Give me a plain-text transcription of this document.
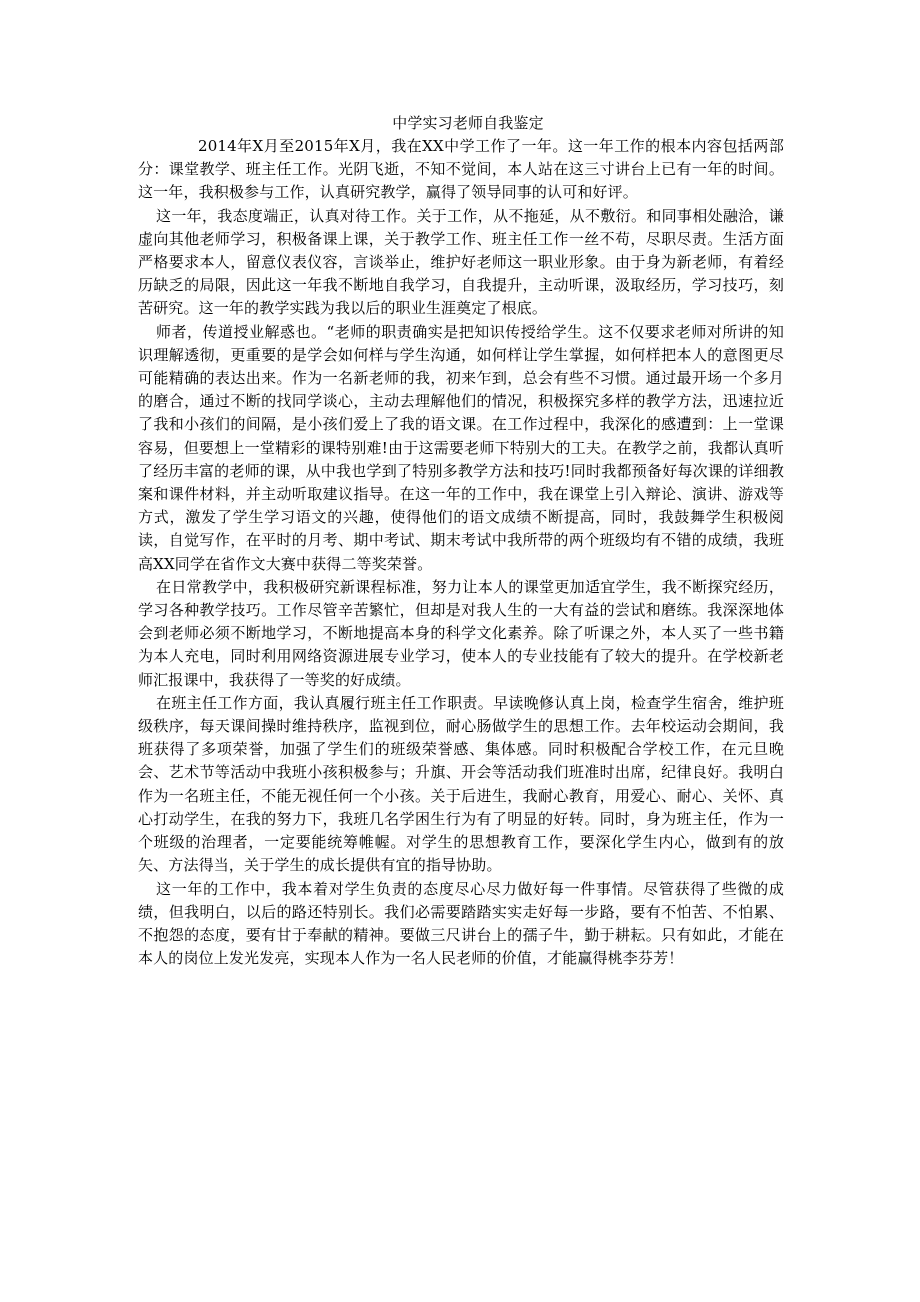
中学实习老师自我鉴定

2014年X月至2015年X月，我在XX中学工作了一年。这一年工作的根本内容包括两部分：课堂教学、班主任工作。光阴飞逝，不知不觉间，本人站在这三寸讲台上已有一年的时间。这一年，我积极参与工作，认真研究教学，赢得了领导同事的认可和好评。

这一年，我态度端正，认真对待工作。关于工作，从不拖延，从不敷衍。和同事相处融洽，谦虚向其他老师学习，积极备课上课，关于教学工作、班主任工作一丝不苟，尽职尽责。生活方面严格要求本人，留意仪表仪容，言谈举止，维护好老师这一职业形象。由于身为新老师，有着经历缺乏的局限，因此这一年我不断地自我学习，自我提升，主动听课，汲取经历，学习技巧，刻苦研究。这一年的教学实践为我以后的职业生涯奠定了根底。

师者，传道授业解惑也。“老师的职责确实是把知识传授给学生。这不仅要求老师对所讲的知识理解透彻，更重要的是学会如何样与学生沟通，如何样让学生掌握，如何样把本人的意图更尽可能精确的表达出来。作为一名新老师的我，初来乍到，总会有些不习惯。通过最开场一个多月的磨合，通过不断的找同学谈心，主动去理解他们的情况，积极探究多样的教学方法，迅速拉近了我和小孩们的间隔，是小孩们爱上了我的语文课。在工作过程中，我深化的感遭到：上一堂课容易，但要想上一堂精彩的课特别难!由于这需要老师下特别大的工夫。在教学之前，我都认真听了经历丰富的老师的课，从中我也学到了特别多教学方法和技巧!同时我都预备好每次课的详细教案和课件材料，并主动听取建议指导。在这一年的工作中，我在课堂上引入辩论、演讲、游戏等方式，激发了学生学习语文的兴趣，使得他们的语文成绩不断提高，同时，我鼓舞学生积极阅读，自觉写作，在平时的月考、期中考试、期末考试中我所带的两个班级均有不错的成绩，我班高XX同学在省作文大赛中获得二等奖荣誉。

在日常教学中，我积极研究新课程标准，努力让本人的课堂更加适宜学生，我不断探究经历，学习各种教学技巧。工作尽管辛苦繁忙，但却是对我人生的一大有益的尝试和磨练。我深深地体会到老师必须不断地学习，不断地提高本身的科学文化素养。除了听课之外，本人买了一些书籍为本人充电，同时利用网络资源进展专业学习，使本人的专业技能有了较大的提升。在学校新老师汇报课中，我获得了一等奖的好成绩。

在班主任工作方面，我认真履行班主任工作职责。早读晚修认真上岗，检查学生宿舍，维护班级秩序，每天课间操时维持秩序，监视到位，耐心肠做学生的思想工作。去年校运动会期间，我班获得了多项荣誉，加强了学生们的班级荣誉感、集体感。同时积极配合学校工作，在元旦晚会、艺术节等活动中我班小孩积极参与；升旗、开会等活动我们班准时出席，纪律良好。我明白作为一名班主任，不能无视任何一个小孩。关于后进生，我耐心教育，用爱心、耐心、关怀、真心打动学生，在我的努力下，我班几名学困生行为有了明显的好转。同时，身为班主任，作为一个班级的治理者，一定要能统筹帷幄。对学生的思想教育工作，要深化学生内心，做到有的放矢、方法得当，关于学生的成长提供有宜的指导协助。

这一年的工作中，我本着对学生负责的态度尽心尽力做好每一件事情。尽管获得了些微的成绩，但我明白，以后的路还特别长。我们必需要踏踏实实走好每一步路，要有不怕苦、不怕累、不抱怨的态度，要有甘于奉献的精神。要做三尺讲台上的孺子牛，勤于耕耘。只有如此，才能在本人的岗位上发光发亮，实现本人作为一名人民老师的价值，才能赢得桃李芬芳！
